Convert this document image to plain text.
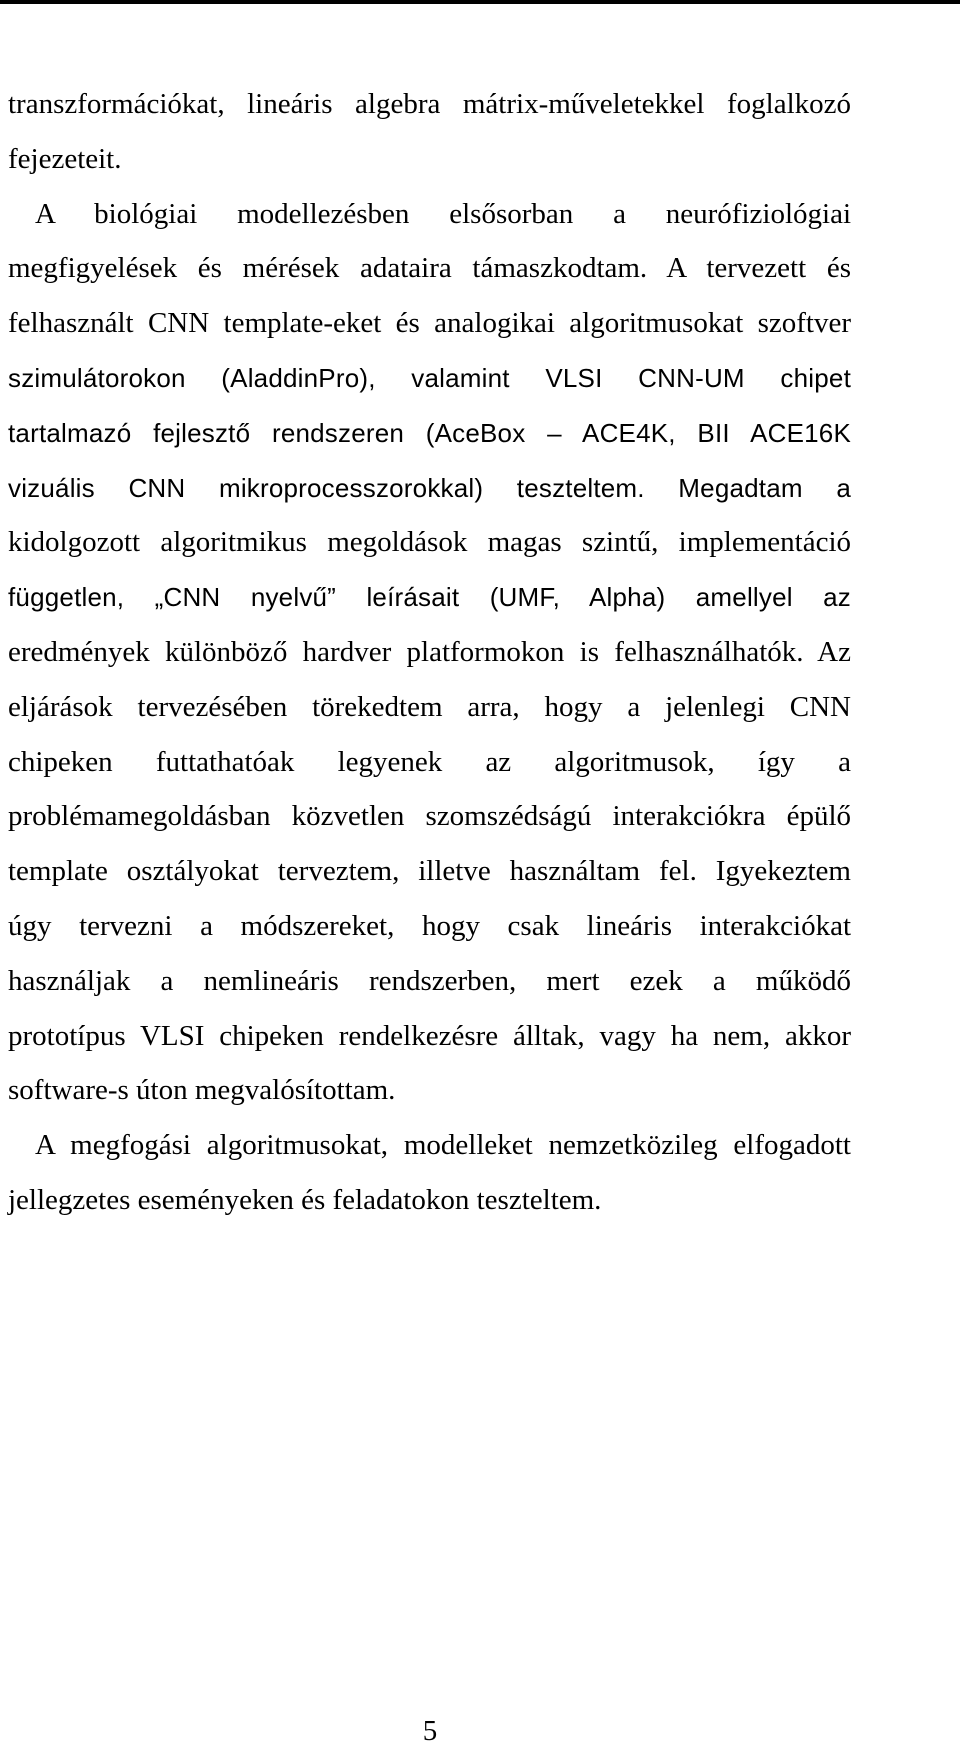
transzformációkat, lineáris algebra mátrix-műveletekkel foglalkozó
fejezeteit.
A biológiai modellezésben elsősorban a neurófiziológiai
megfigyelések és mérések adataira támaszkodtam. A tervezett és
felhasznált CNN template-eket és analogikai algoritmusokat szoftver
szimulátorokon (AladdinPro), valamint VLSI CNN-UM chipet
tartalmazó fejlesztő rendszeren (AceBox – ACE4K, BII ACE16K
vizuális CNN mikroprocesszorokkal) teszteltem. Megadtam a
kidolgozott algoritmikus megoldások magas szintű, implementáció
független, „CNN nyelvű” leírásait (UMF, Alpha) amellyel az
eredmények különböző hardver platformokon is felhasználhatók. Az
eljárások tervezésében törekedtem arra, hogy a jelenlegi CNN
chipeken futtathatóak legyenek az algoritmusok, így a
problémamegoldásban közvetlen szomszédságú interakciókra épülő
template osztályokat terveztem, illetve használtam fel. Igyekeztem
úgy tervezni a módszereket, hogy csak lineáris interakciókat
használjak a nemlineáris rendszerben, mert ezek a működő
prototípus VLSI chipeken rendelkezésre álltak, vagy ha nem, akkor
software-s úton megvalósítottam.
A megfogási algoritmusokat, modelleket nemzetközileg elfogadott
jellegzetes eseményeken és feladatokon teszteltem.
5
